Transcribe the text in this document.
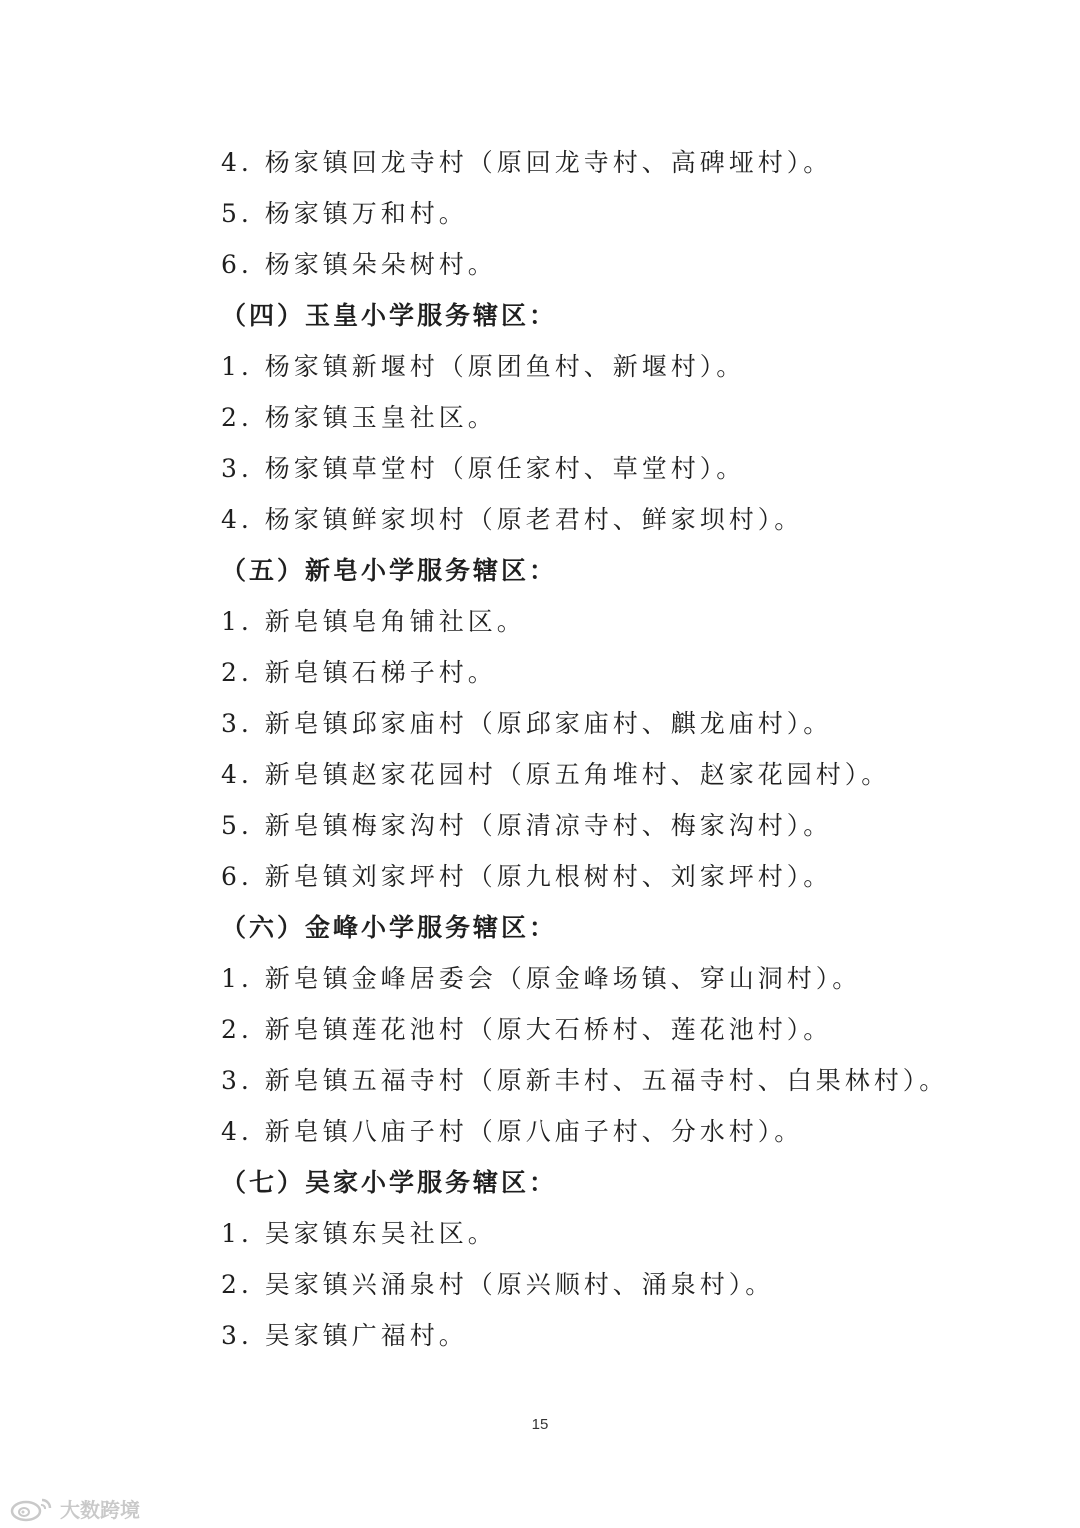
4. 杨家镇回龙寺村（原回龙寺村、高碑垭村）。
5. 杨家镇万和村。
6. 杨家镇朵朵树村。
（四）玉皇小学服务辖区：
1. 杨家镇新堰村（原团鱼村、新堰村）。
2. 杨家镇玉皇社区。
3. 杨家镇草堂村（原任家村、草堂村）。
4. 杨家镇鲜家坝村（原老君村、鲜家坝村）。
（五）新皂小学服务辖区：
1. 新皂镇皂角铺社区。
2. 新皂镇石梯子村。
3. 新皂镇邱家庙村（原邱家庙村、麒龙庙村）。
4. 新皂镇赵家花园村（原五角堆村、赵家花园村）。
5. 新皂镇梅家沟村（原清凉寺村、梅家沟村）。
6. 新皂镇刘家坪村（原九根树村、刘家坪村）。
（六）金峰小学服务辖区：
1. 新皂镇金峰居委会（原金峰场镇、穿山洞村）。
2. 新皂镇莲花池村（原大石桥村、莲花池村）。
3. 新皂镇五福寺村（原新丰村、五福寺村、白果林村）。
4. 新皂镇八庙子村（原八庙子村、分水村）。
（七）吴家小学服务辖区：
1. 吴家镇东吴社区。
2. 吴家镇兴涌泉村（原兴顺村、涌泉村）。
3. 吴家镇广福村。
15
大数跨境
